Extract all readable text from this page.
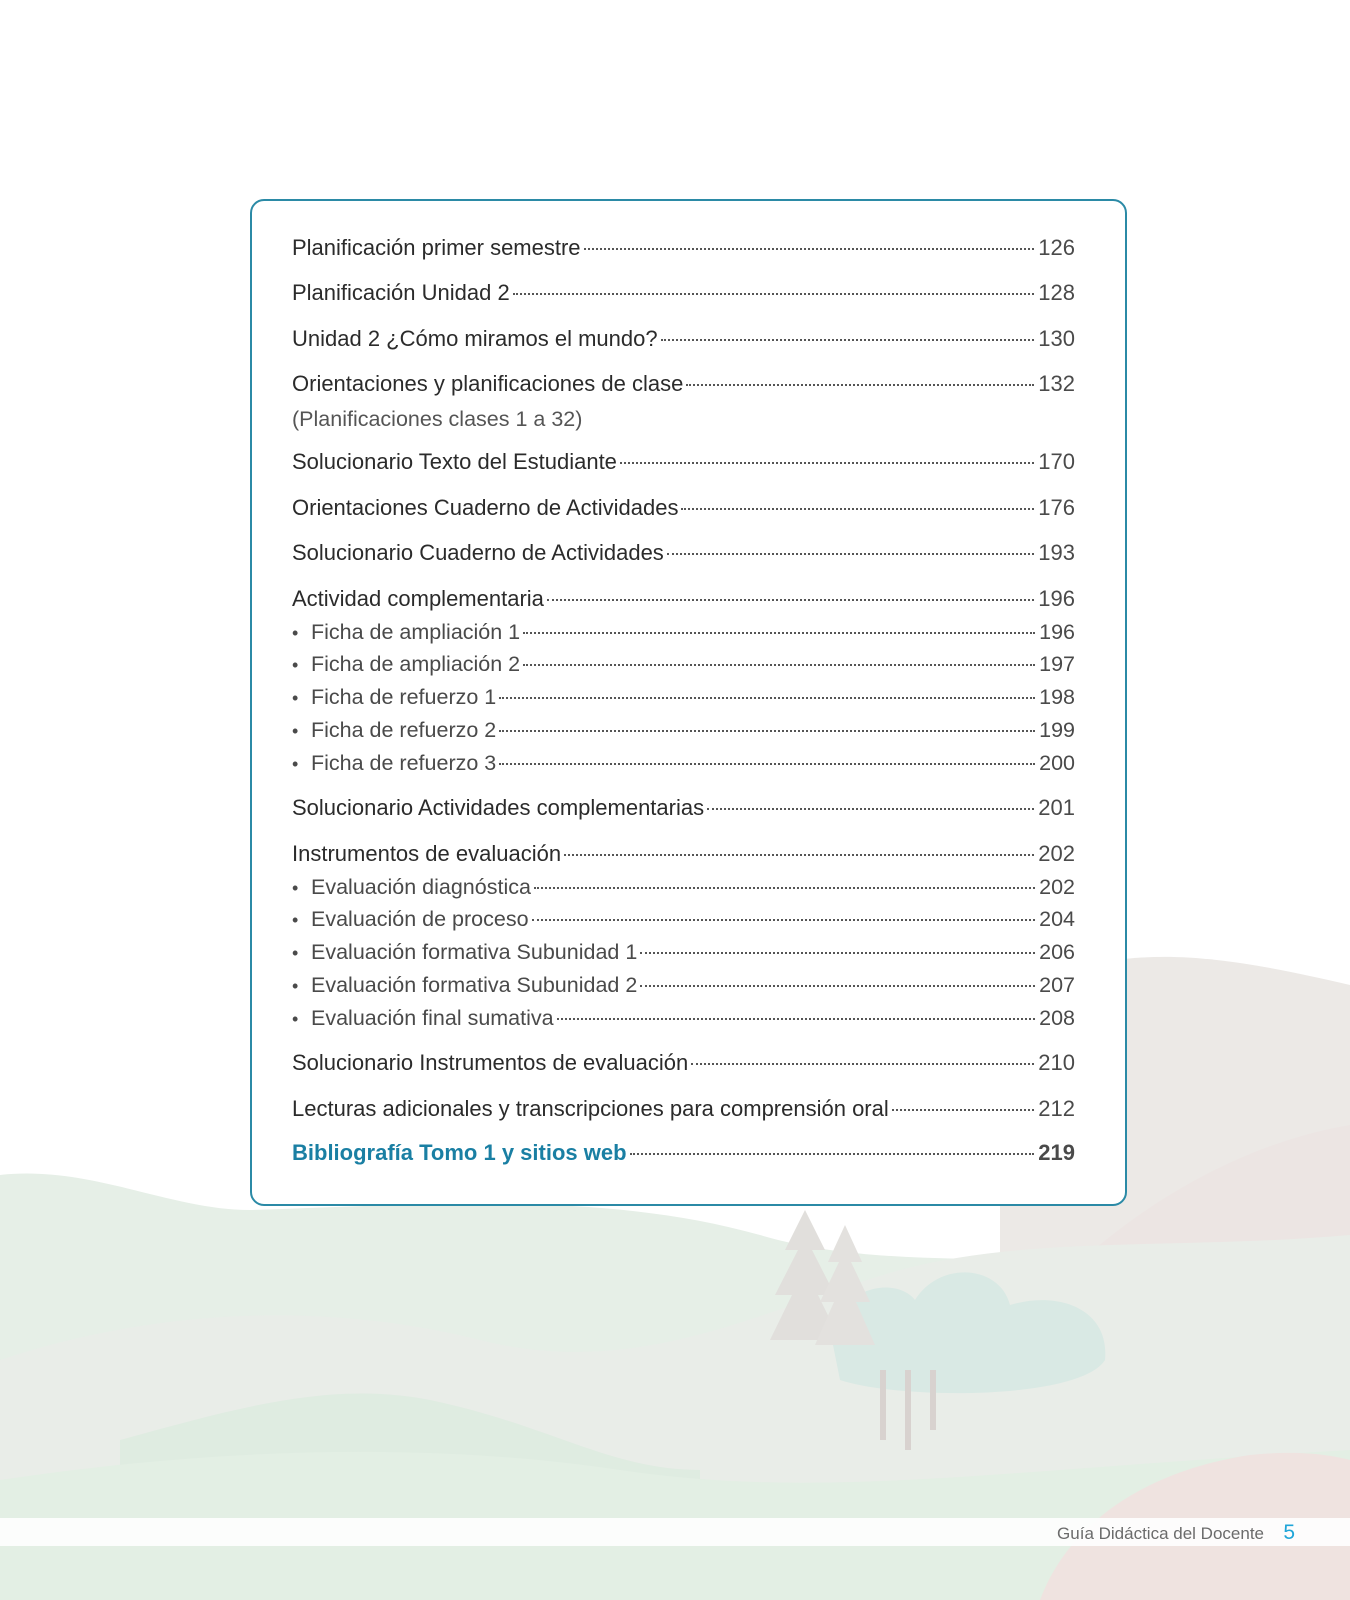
Planificación primer semestre	126
Planificación Unidad 2	128
Unidad 2 ¿Cómo miramos el mundo?	130
Orientaciones y planificaciones de clase	132
(Planificaciones clases 1 a 32)
Solucionario Texto del Estudiante	170
Orientaciones Cuaderno de Actividades	176
Solucionario Cuaderno de Actividades	193
Actividad complementaria	196
• Ficha de ampliación 1	196
• Ficha de ampliación 2	197
• Ficha de refuerzo 1	198
• Ficha de refuerzo 2	199
• Ficha de refuerzo 3	200
Solucionario Actividades complementarias	201
Instrumentos de evaluación	202
• Evaluación diagnóstica	202
• Evaluación de proceso	204
• Evaluación formativa Subunidad 1	206
• Evaluación formativa Subunidad 2	207
• Evaluación final sumativa	208
Solucionario Instrumentos de evaluación	210
Lecturas adicionales y transcripciones para comprensión oral	212
Bibliografía Tomo 1 y sitios web	219
Guía Didáctica del Docente 5
